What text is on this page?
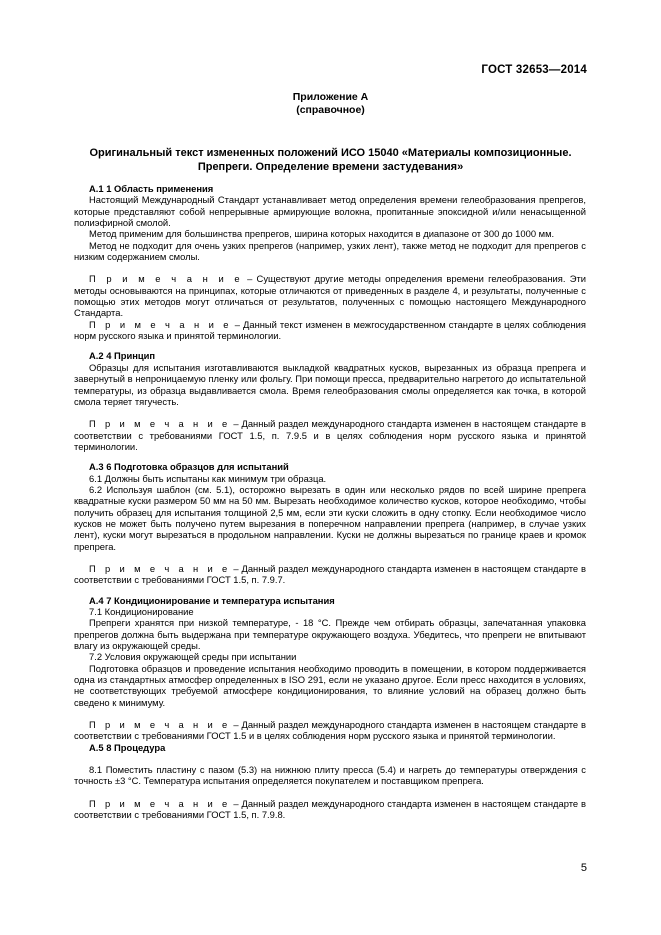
ГОСТ 32653—2014
Приложение А
(справочное)
Оригинальный текст измененных положений ИСО 15040 «Материалы композиционные.
Препреги. Определение времени застудевания»

А.1 1 Область применения

Настоящий Международный Стандарт устанавливает метод определения времени гелеобразования препрегов, которые представляют собой непрерывные армирующие волокна, пропитанные эпоксидной и/или ненасыщенной полиэфирной смолой.

Метод применим для большинства препрегов, ширина которых находится в диапазоне от 300 до 1000 мм.

Метод не подходит для очень узких препрегов (например, узких лент), также метод не подходит для препрегов с низким содержанием смолы.

П р и м е ч а н и е – Существуют другие методы определения времени гелеобразования. Эти методы основываются на принципах, которые отличаются от приведенных в разделе 4, и результаты, полученные с помощью этих методов могут отличаться от результатов, полученных с помощью настоящего Международного Стандарта.

П р и м е ч а н и е – Данный текст изменен в межгосударственном стандарте в целях соблюдения норм русского языка и принятой терминологии.

А.2 4 Принцип

Образцы для испытания изготавливаются выкладкой квадратных кусков, вырезанных из образца препрега и завернутый в непроницаемую пленку или фольгу. При помощи пресса, предварительно нагретого до испытательной температуры, из образца выдавливается смола. Время гелеобразования смолы определяется как точка, в которой смола теряет тягучесть.

П р и м е ч а н и е – Данный раздел международного стандарта изменен в настоящем стандарте в соответствии с требованиями ГОСТ 1.5, п. 7.9.5 и в целях соблюдения норм русского языка и принятой терминологии.

А.3 6 Подготовка образцов для испытаний

6.1 Должны быть испытаны как минимум три образца.

6.2 Используя шаблон (см. 5.1), осторожно вырезать в один или несколько рядов по всей ширине препрега квадратные куски размером 50 мм на 50 мм. Вырезать необходимое количество кусков, которое необходимо, чтобы получить образец для испытания толщиной 2,5 мм, если эти куски сложить в одну стопку. Если необходимое число кусков не может быть получено путем вырезания в поперечном направлении препрега (например, в случае узких лент), куски могут вырезаться в продольном направлении. Куски не должны вырезаться по границе краев и кромок препрега.

П р и м е ч а н и е – Данный раздел международного стандарта изменен в настоящем стандарте в соответствии с требованиями ГОСТ 1.5, п. 7.9.7.

А.4 7 Кондиционирование и температура испытания

7.1 Кондиционирование

Препреги хранятся при низкой температуре, - 18 °С. Прежде чем отбирать образцы, запечатанная упаковка препрегов должна быть выдержана при температуре окружающего воздуха. Убедитесь, что препреги не впитывают влагу из окружающей среды.

7.2 Условия окружающей среды при испытании

Подготовка образцов и проведение испытания необходимо проводить в помещении, в котором поддерживается одна из стандартных атмосфер определенных в ISO 291, если не указано другое. Если пресс находится в условиях, не соответствующих требуемой атмосфере кондиционирования, то влияние условий на образец должно быть сведено к минимуму.

П р и м е ч а н и е – Данный раздел международного стандарта изменен в настоящем стандарте в соответствии с требованиями ГОСТ 1.5 и в целях соблюдения норм русского языка и принятой терминологии.

А.5 8 Процедура

8.1 Поместить пластину с пазом (5.3) на нижнюю плиту пресса (5.4) и нагреть до температуры отверждения с точность ±3 °С. Температура испытания определяется покупателем и поставщиком препрега.

П р и м е ч а н и е – Данный раздел международного стандарта изменен в настоящем стандарте в соответствии с требованиями ГОСТ 1.5, п. 7.9.8.

5
